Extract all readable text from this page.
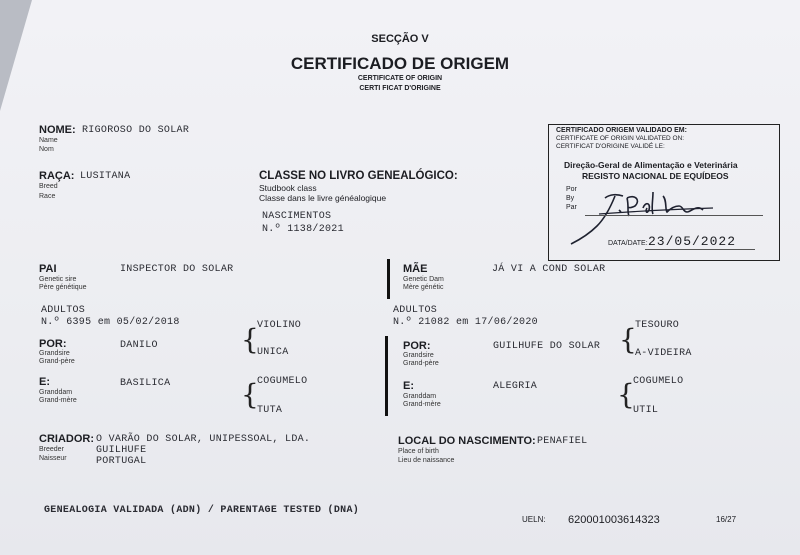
SECÇÃO V
CERTIFICADO DE ORIGEM
CERTIFICATE OF ORIGIN
CERTI FICAT D'ORIGINE
NOME: RIGOROSO DO SOLAR
Name
Nom
RAÇA: LUSITANA
Breed
Race
CLASSE NO LIVRO GENEALÓGICO:
Studbook class
Classe dans le livre généalogique
NASCIMENTOS
N.º 1138/2021
CERTIFICADO ORIGEM VALIDADO EM:
CERTIFICATE OF ORIGIN VALIDATED ON:
CERTIFICAT D'ORIGINE VALIDÉ LE:
Direção-Geral de Alimentação e Veterinária
REGISTO NACIONAL DE EQUÍDEOS
Por
By
Par
DATA/DATE: 23/05/2022
PAI
Genetic sire
Père génétique
INSPECTOR DO SOLAR
ADULTOS
N.º 6395 em 05/02/2018
POR:
Grandsire
Grand-père
DANILO	{
VIOLINO
UNICA
E:
Granddam
Grand-mère
BASILICA	{
COGUMELO
TUTA
MÃE
Genetic Dam
Mère génétic
JÁ VI A COND SOLAR
ADULTOS
N.º 21082 em 17/06/2020
POR:
Grandsire
Grand-père
GUILHUFE DO SOLAR {
TESOURO
A-VIDEIRA
E:
Granddam
Grand-mère
ALEGRIA	{
COGUMELO
UTIL
CRIADOR: O VARÃO DO SOLAR, UNIPESSOAL, LDA.
Breeder
Naisseur
GUILHUFE
PORTUGAL
LOCAL DO NASCIMENTO: PENAFIEL
Place of birth
Lieu de naissance
GENEALOGIA VALIDADA (ADN) / PARENTAGE TESTED (DNA)
UELN: 620001003614323	16/27
